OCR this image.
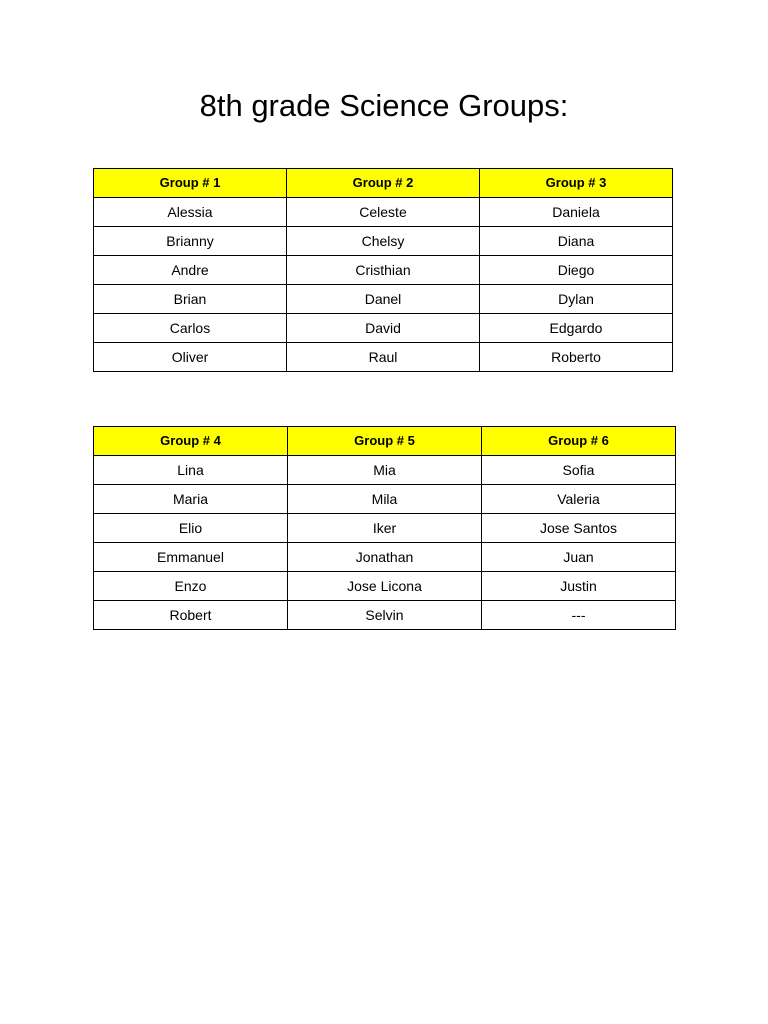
8th grade Science Groups:
Group # 1	Group # 2	Group # 3
Alessia	Celeste	Daniela
Brianny	Chelsy	Diana
Andre	Cristhian	Diego
Brian	Danel	Dylan
Carlos	David	Edgardo
Oliver	Raul	Roberto
Group # 4	Group # 5	Group # 6
Lina	Mia	Sofia
Maria	Mila	Valeria
Elio	Iker	Jose Santos
Emmanuel	Jonathan	Juan
Enzo	Jose Licona	Justin
Robert	Selvin	---
